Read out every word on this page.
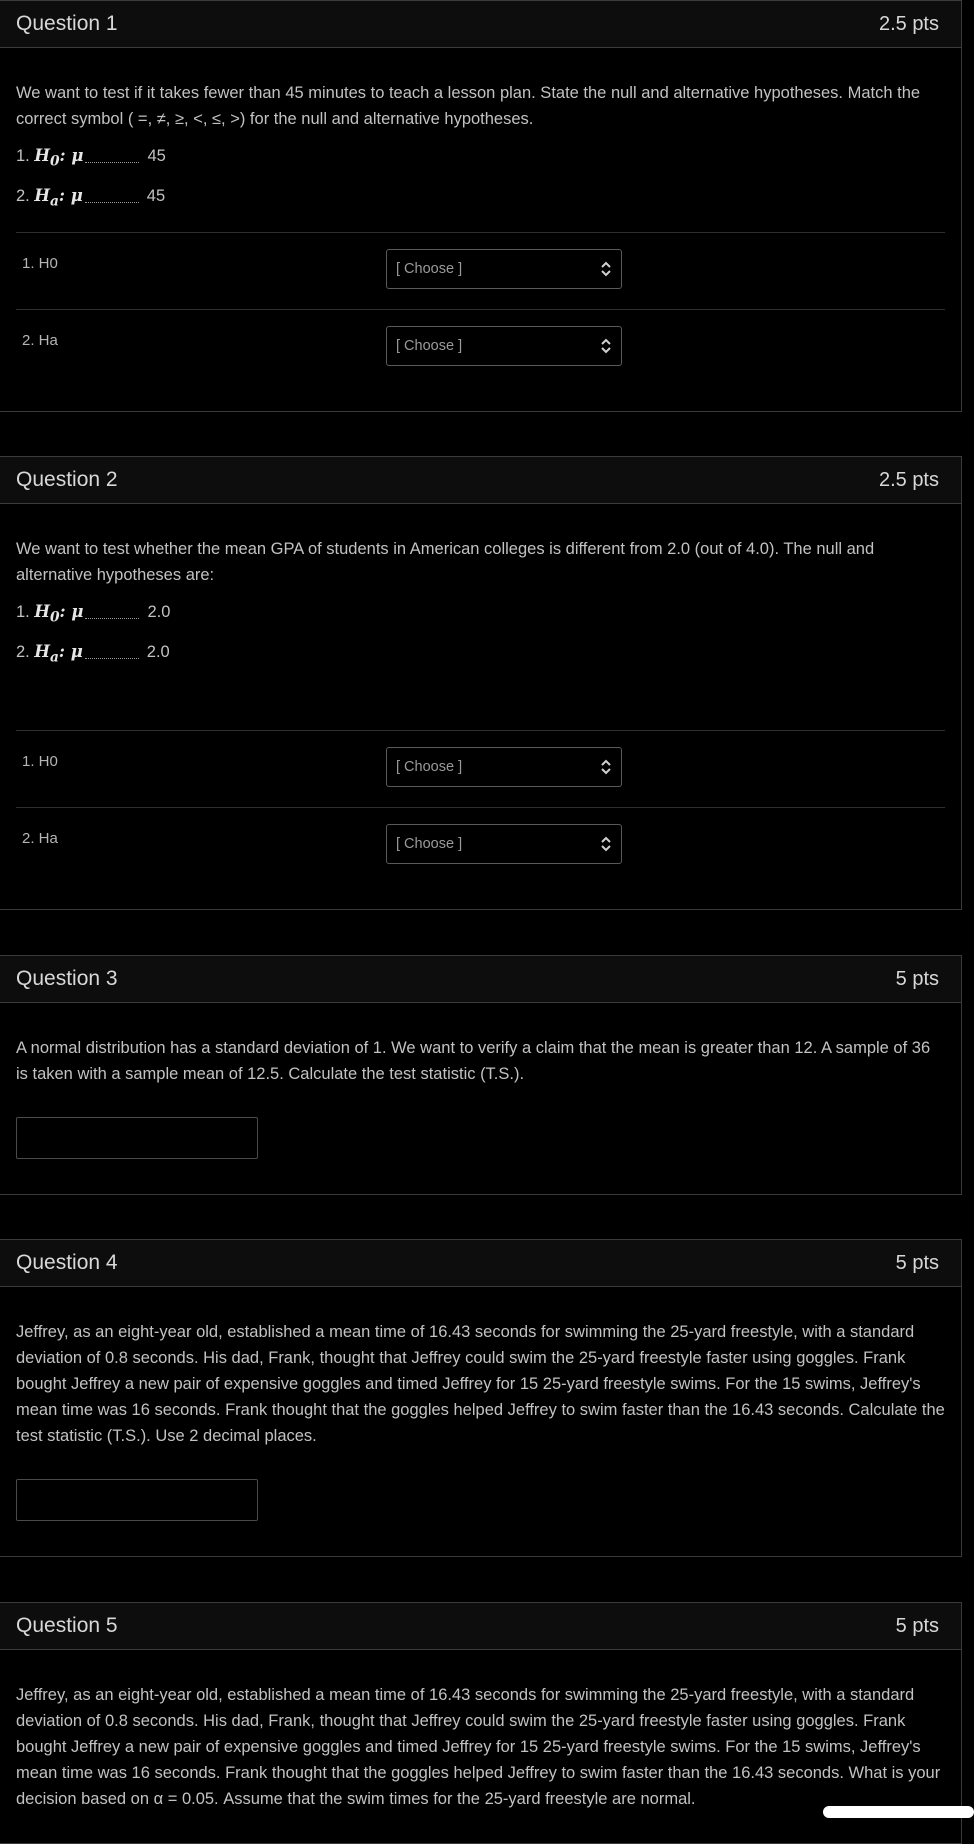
Question 1	2.5 pts

We want to test if it takes fewer than 45 minutes to teach a lesson plan. State the null and alternative hypotheses. Match the correct symbol ( =, ≠, ≥, <, ≤, >) for the null and alternative hypotheses.

1. $H_0$: μ	45
2. $H_a$: μ	45
1. H0	[ Choose ]
2. Ha	[ Choose ]
Question 2	2.5 pts

We want to test whether the mean GPA of students in American colleges is different from 2.0 (out of 4.0). The null and alternative hypotheses are:

1. $H_0$: μ	2.0
2. $H_a$: μ	2.0
1. H0	[ Choose ]
2. Ha	[ Choose ]
Question 3	5 pts

A normal distribution has a standard deviation of 1. We want to verify a claim that the mean is greater than 12. A sample of 36 is taken with a sample mean of 12.5. Calculate the test statistic (T.S.).

Question 4	5 pts

Jeffrey, as an eight-year old, established a mean time of 16.43 seconds for swimming the 25-yard freestyle, with a standard deviation of 0.8 seconds. His dad, Frank, thought that Jeffrey could swim the 25-yard freestyle faster using goggles. Frank bought Jeffrey a new pair of expensive goggles and timed Jeffrey for 15 25-yard freestyle swims. For the 15 swims, Jeffrey's mean time was 16 seconds. Frank thought that the goggles helped Jeffrey to swim faster than the 16.43 seconds. Calculate the test statistic (T.S.). Use 2 decimal places.

Question 5	5 pts

Jeffrey, as an eight-year old, established a mean time of 16.43 seconds for swimming the 25-yard freestyle, with a standard deviation of 0.8 seconds. His dad, Frank, thought that Jeffrey could swim the 25-yard freestyle faster using goggles. Frank bought Jeffrey a new pair of expensive goggles and timed Jeffrey for 15 25-yard freestyle swims. For the 15 swims, Jeffrey's mean time was 16 seconds. Frank thought that the goggles helped Jeffrey to swim faster than the 16.43 seconds. What is your decision based on α = 0.05. Assume that the swim times for the 25-yard freestyle are normal.
